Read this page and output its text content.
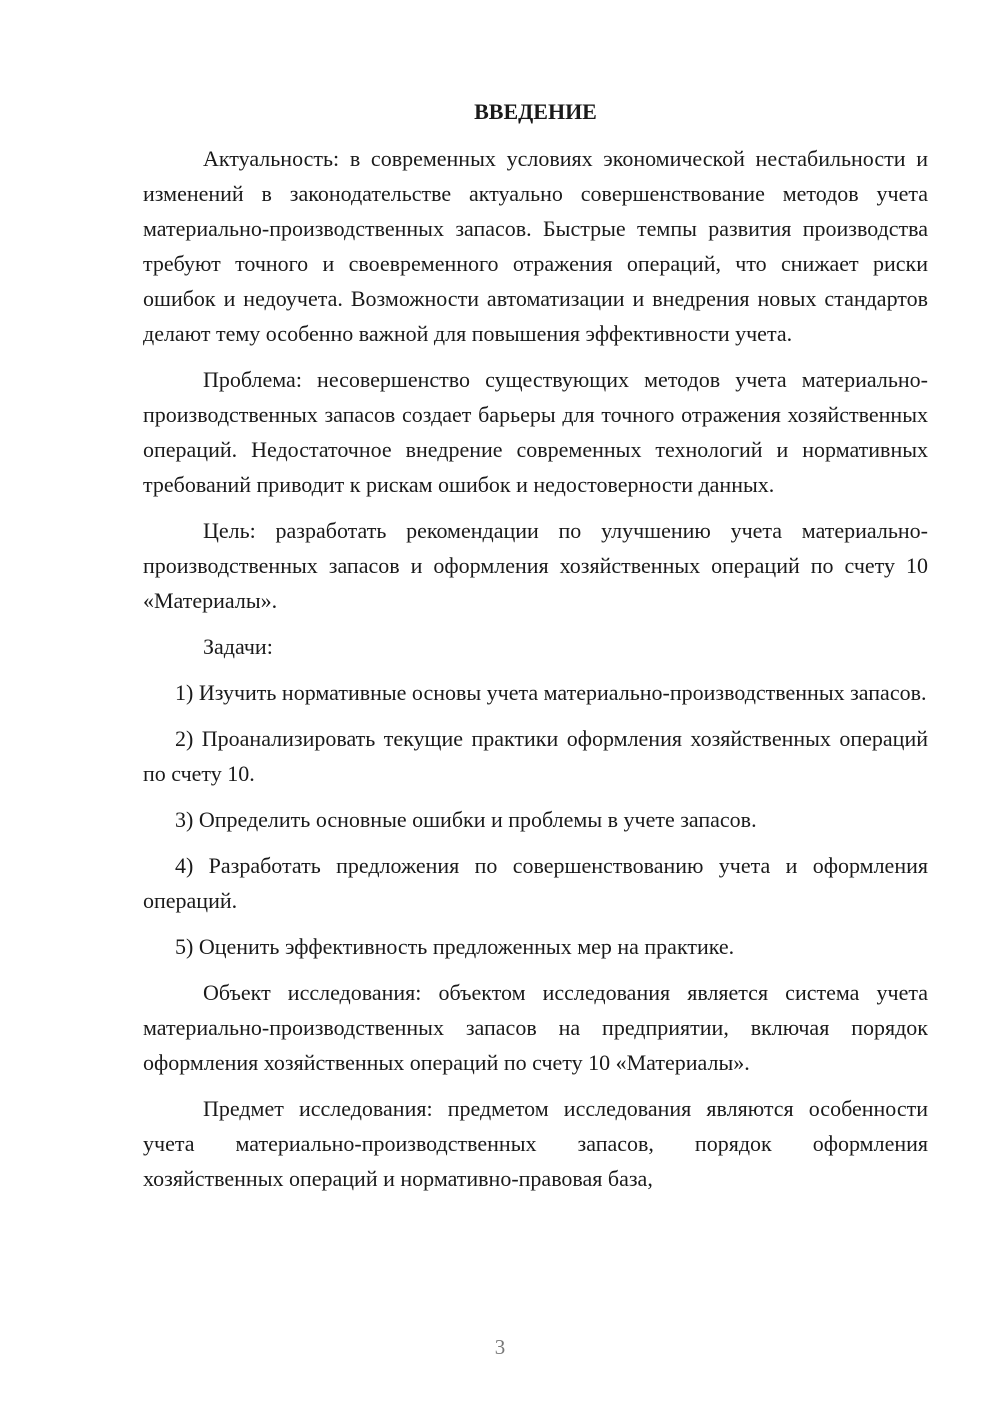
ВВЕДЕНИЕ

Актуальность: в современных условиях экономической нестабильности и изменений в законодательстве актуально совершенствование методов учета материально-производственных запасов. Быстрые темпы развития производства требуют точного и своевременного отражения операций, что снижает риски ошибок и недоучета. Возможности автоматизации и внедрения новых стандартов делают тему особенно важной для повышения эффективности учета.

Проблема: несовершенство существующих методов учета материально-производственных запасов создает барьеры для точного отражения хозяйственных операций. Недостаточное внедрение современных технологий и нормативных требований приводит к рискам ошибок и недостоверности данных.

Цель: разработать рекомендации по улучшению учета материально-производственных запасов и оформления хозяйственных операций по счету 10 «Материалы».

Задачи:

1) Изучить нормативные основы учета материально-производственных запасов.

2) Проанализировать текущие практики оформления хозяйственных операций по счету 10.

3) Определить основные ошибки и проблемы в учете запасов.

4) Разработать предложения по совершенствованию учета и оформления операций.

5) Оценить эффективность предложенных мер на практике.

Объект исследования: объектом исследования является система учета материально-производственных запасов на предприятии, включая порядок оформления хозяйственных операций по счету 10 «Материалы».

Предмет исследования: предметом исследования являются особенности учета материально-производственных запасов, порядок оформления хозяйственных операций и нормативно-правовая база,

3
